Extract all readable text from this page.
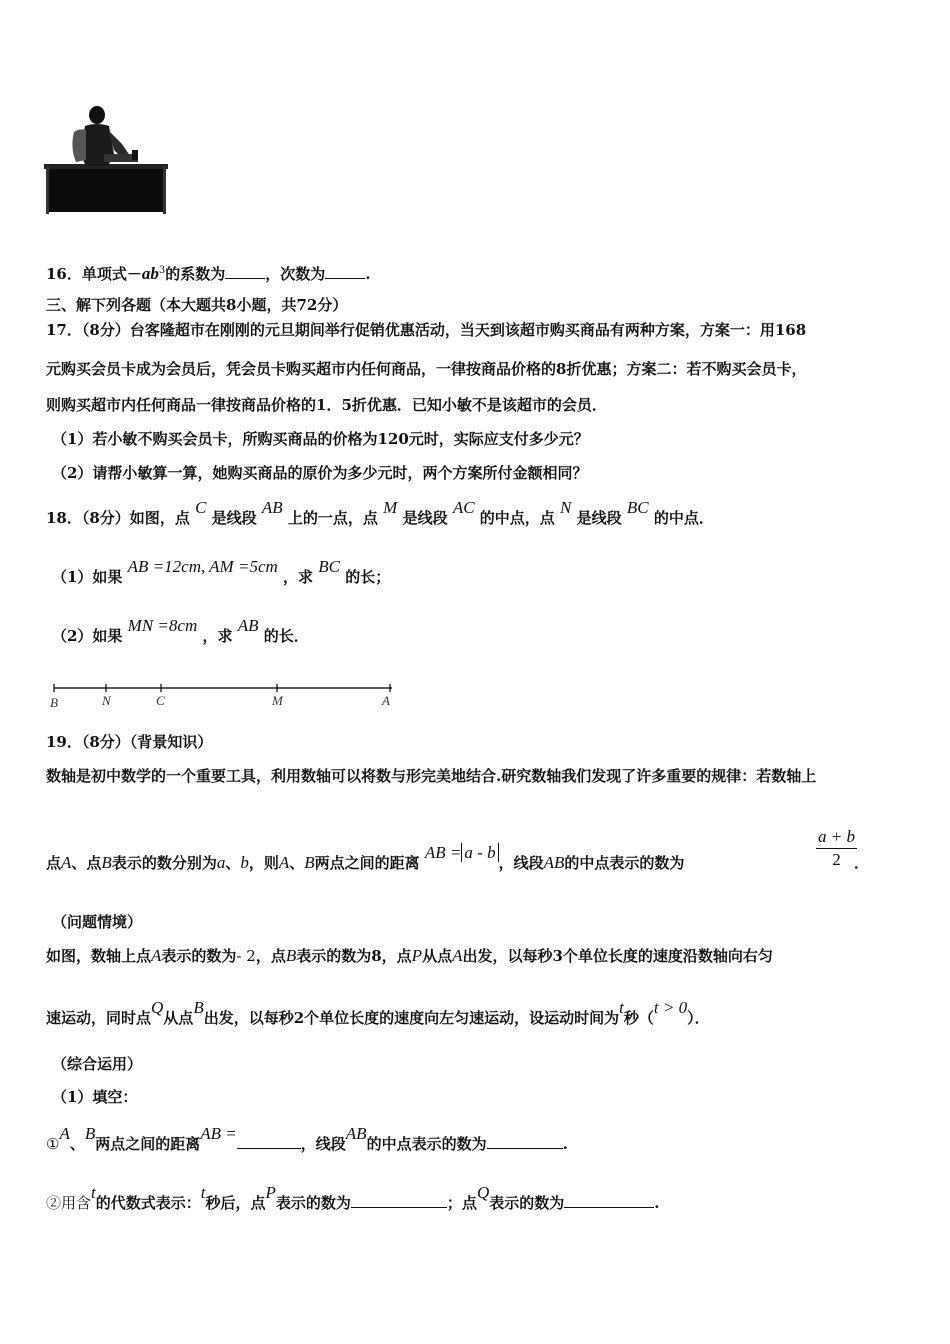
16．单项式$-ab^3$的系数为	，次数为	.
三、解下列各题（本大题共8小题，共72分）
17．（8分）台客隆超市在刚刚的元旦期间举行促销优惠活动，当天到该超市购买商品有两种方案，方案一：用168
元购买会员卡成为会员后，凭会员卡购买超市内任何商品，一律按商品价格的8折优惠；方案二：若不购买会员卡，
则购买超市内任何商品一律按商品价格的1．5折优惠．已知小敏不是该超市的会员．
（1）若小敏不购买会员卡，所购买商品的价格为120元时，实际应支付多少元？
（2）请帮小敏算一算，她购买商品的原价为多少元时，两个方案所付金额相同？
18．（8分）如图，点 C 是线段 AB 上的一点，点 M 是线段 AC 的中点，点 N 是线段 BC 的中点．
（1）如果 AB =12cm, AM =5cm ，求 BC 的长；
（2）如果 MN =8cm ，求 AB 的长．
B	N	C	M	A
19．（8分）（背景知识）
数轴是初中数学的一个重要工具，利用数轴可以将数与形完美地结合.研究数轴我们发现了许多重要的规律：若数轴上
点A、点B表示的数分别为a、b，则A、B两点之间的距离 AB = a - b，线段AB的中点表示的数为	$\frac{a + b}{2}$
．
（问题情境）
如图，数轴上点A表示的数为- 2，点B表示的数为8，点P从点A出发，以每秒3个单位长度的速度沿数轴向右匀
速运动，同时点Q从点B出发，以每秒2个单位长度的速度向左匀速运动，设运动时间为t秒（t > 0）．
（综合运用）
（1）填空：
①A、B两点之间的距离AB =，线段AB的中点表示的数为	.
②用含t的代数式表示：t秒后，点P表示的数为	；点Q表示的数为	.
